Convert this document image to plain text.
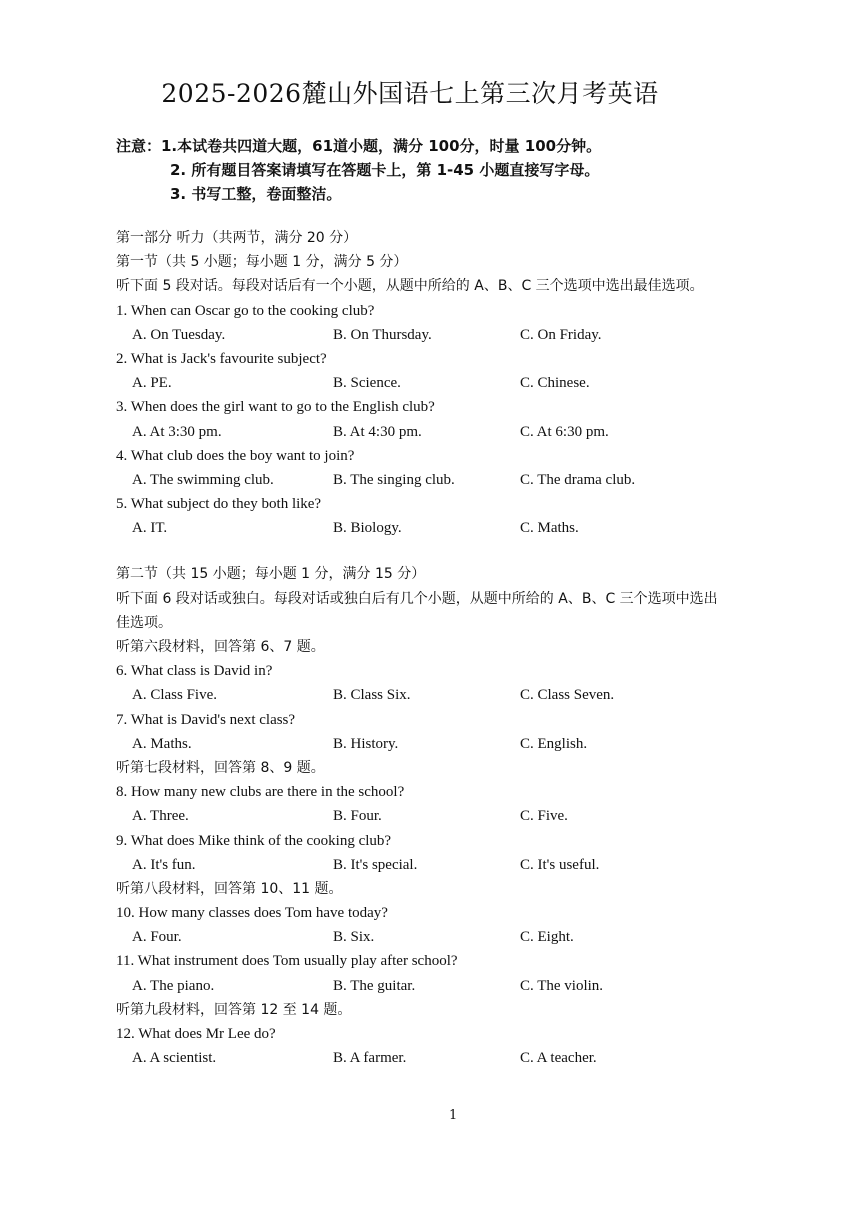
2025-2026麓山外国语七上第三次月考英语
注意：1.本试卷共四道大题，61道小题，满分 100分，时量 100分钟。
2. 所有题目答案请填写在答题卡上，第 1-45 小题直接写字母。
3. 书写工整，卷面整洁。
第一部分 听力（共两节，满分 20 分）
第一节（共 5 小题；每小题 1 分，满分 5 分）
听下面 5 段对话。每段对话后有一个小题，从题中所给的 A、B、C 三个选项中选出最佳选项。
1. When can Oscar go to the cooking club?
A. On Tuesday.	B. On Thursday.	C. On Friday.
2. What is Jack's favourite subject?
A. PE.	B. Science.	C. Chinese.
3. When does the girl want to go to the English club?
A. At 3:30 pm.	B. At 4:30 pm.	C. At 6:30 pm.
4. What club does the boy want to join?
A. The swimming club.	B. The singing club.	C. The drama club.
5. What subject do they both like?
A. IT.	B. Biology.	C. Maths.
第二节（共 15 小题；每小题 1 分，满分 15 分）
听下面 6 段对话或独白。每段对话或独白后有几个小题，从题中所给的 A、B、C 三个选项中选出
佳选项。
听第六段材料，回答第 6、7 题。
6. What class is David in?
A. Class Five.	B. Class Six.	C. Class Seven.
7. What is David's next class?
A. Maths.	B. History.	C. English.
听第七段材料，回答第 8、9 题。
8. How many new clubs are there in the school?
A. Three.	B. Four.	C. Five.
9. What does Mike think of the cooking club?
A. It's fun.	B. It's special.	C. It's useful.
听第八段材料，回答第 10、11 题。
10. How many classes does Tom have today?
A. Four.	B. Six.	C. Eight.
11. What instrument does Tom usually play after school?
A. The piano.	B. The guitar.	C. The violin.
听第九段材料，回答第 12 至 14 题。
12. What does Mr Lee do?
A. A scientist.	B. A farmer.	C. A teacher.
1
